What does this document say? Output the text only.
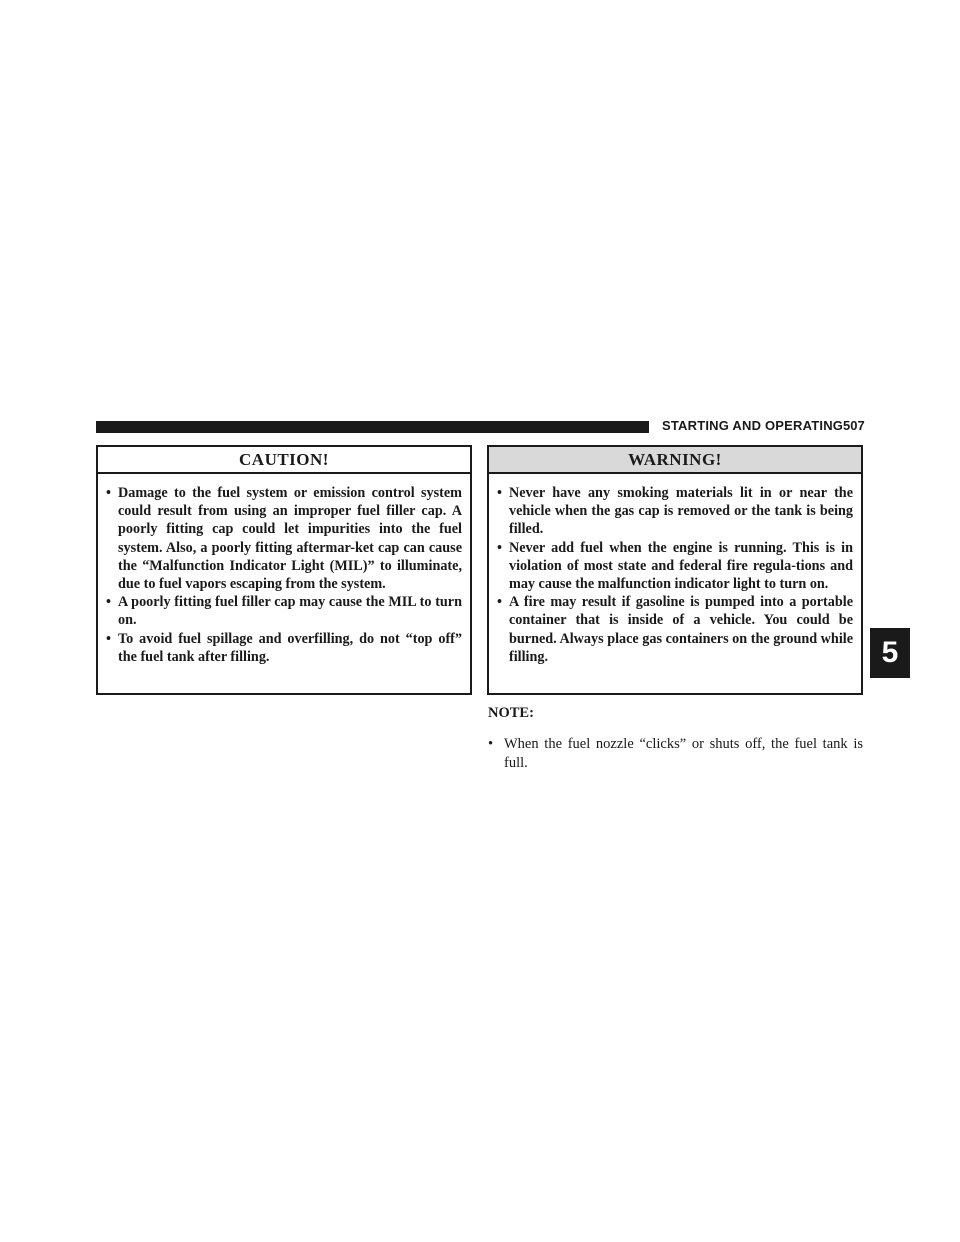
STARTING AND OPERATING 507
5
CAUTION!
• Damage to the fuel system or emission control system could result from using an improper fuel filler cap. A poorly fitting cap could let impurities into the fuel system. Also, a poorly fitting aftermar-ket cap can cause the “Malfunction Indicator Light (MIL)” to illuminate, due to fuel vapors escaping from the system.
• A poorly fitting fuel filler cap may cause the MIL to turn on.
• To avoid fuel spillage and overfilling, do not “top off” the fuel tank after filling.
WARNING!
• Never have any smoking materials lit in or near the vehicle when the gas cap is removed or the tank is being filled.
• Never add fuel when the engine is running. This is in violation of most state and federal fire regula-tions and may cause the malfunction indicator light to turn on.
• A fire may result if gasoline is pumped into a portable container that is inside of a vehicle. You could be burned. Always place gas containers on the ground while filling.
NOTE:
• When the fuel nozzle “clicks” or shuts off, the fuel tank is full.
